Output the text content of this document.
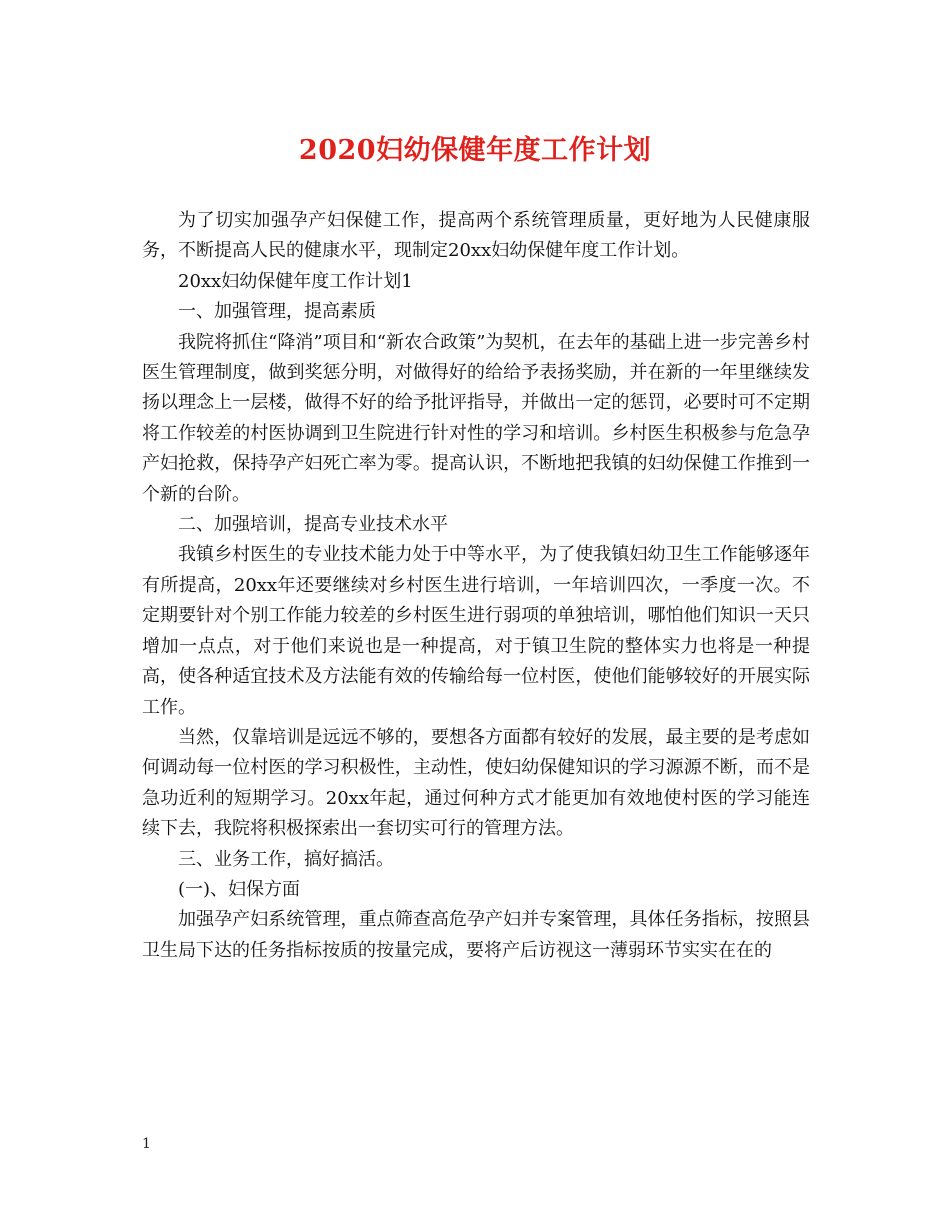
2020妇幼保健年度工作计划

为了切实加强孕产妇保健工作，提高两个系统管理质量，更好地为人民健康服务，不断提高人民的健康水平，现制定20xx妇幼保健年度工作计划。

20xx妇幼保健年度工作计划1

一、加强管理，提高素质

我院将抓住“降消”项目和“新农合政策”为契机，在去年的基础上进一步完善乡村医生管理制度，做到奖惩分明，对做得好的给给予表扬奖励，并在新的一年里继续发扬以理念上一层楼，做得不好的给予批评指导，并做出一定的惩罚，必要时可不定期将工作较差的村医协调到卫生院进行针对性的学习和培训。乡村医生积极参与危急孕产妇抢救，保持孕产妇死亡率为零。提高认识，不断地把我镇的妇幼保健工作推到一个新的台阶。

二、加强培训，提高专业技术水平

我镇乡村医生的专业技术能力处于中等水平，为了使我镇妇幼卫生工作能够逐年有所提高，20xx年还要继续对乡村医生进行培训，一年培训四次，一季度一次。不定期要针对个别工作能力较差的乡村医生进行弱项的单独培训，哪怕他们知识一天只增加一点点，对于他们来说也是一种提高，对于镇卫生院的整体实力也将是一种提高，使各种适宜技术及方法能有效的传输给每一位村医，使他们能够较好的开展实际工作。

当然，仅靠培训是远远不够的，要想各方面都有较好的发展，最主要的是考虑如何调动每一位村医的学习积极性，主动性，使妇幼保健知识的学习源源不断，而不是急功近利的短期学习。20xx年起，通过何种方式才能更加有效地使村医的学习能连续下去，我院将积极探索出一套切实可行的管理方法。

三、业务工作，搞好搞活。

(一)、妇保方面

加强孕产妇系统管理，重点筛查高危孕产妇并专案管理，具体任务指标，按照县卫生局下达的任务指标按质的按量完成，要将产后访视这一薄弱环节实实在在的

1
